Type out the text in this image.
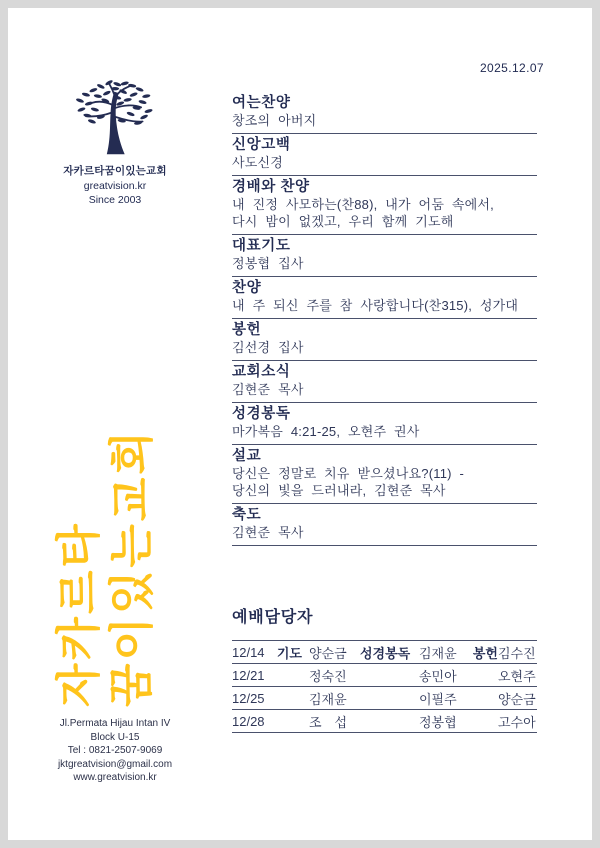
자카르타꿈이있는교회
greatvision.kr
Since 2003
자카르타 꿈이있는교회
Jl.Permata Hijau Intan IV
Block U-15
Tel : 0821-2507-9069
jktgreatvision@gmail.com
www.greatvision.kr
2025.12.07
여는찬양
창조의 아버지
신앙고백
사도신경
경배와 찬양
내 진정 사모하는(찬88), 내가 어둠 속에서,
다시 밤이 없겠고, 우리 함께 기도해
대표기도
정봉협 집사
찬양
내 주 되신 주를 참 사랑합니다(찬315), 성가대
봉헌
김선경 집사
교회소식
김현준 목사
성경봉독
마가복음 4:21-25, 오현주 권사
설교
당신은 정말로 치유 받으셨나요?(11) -
당신의 빛을 드러내라, 김현준 목사
축도
김현준 목사
예배담당자
12/14 기도 양순금	성경봉독 김재윤	봉헌 김수진
12/21	정숙진	송민아	오현주
12/25	김재윤	이필주	양순금
12/28	조　섭	정봉협	고수아
